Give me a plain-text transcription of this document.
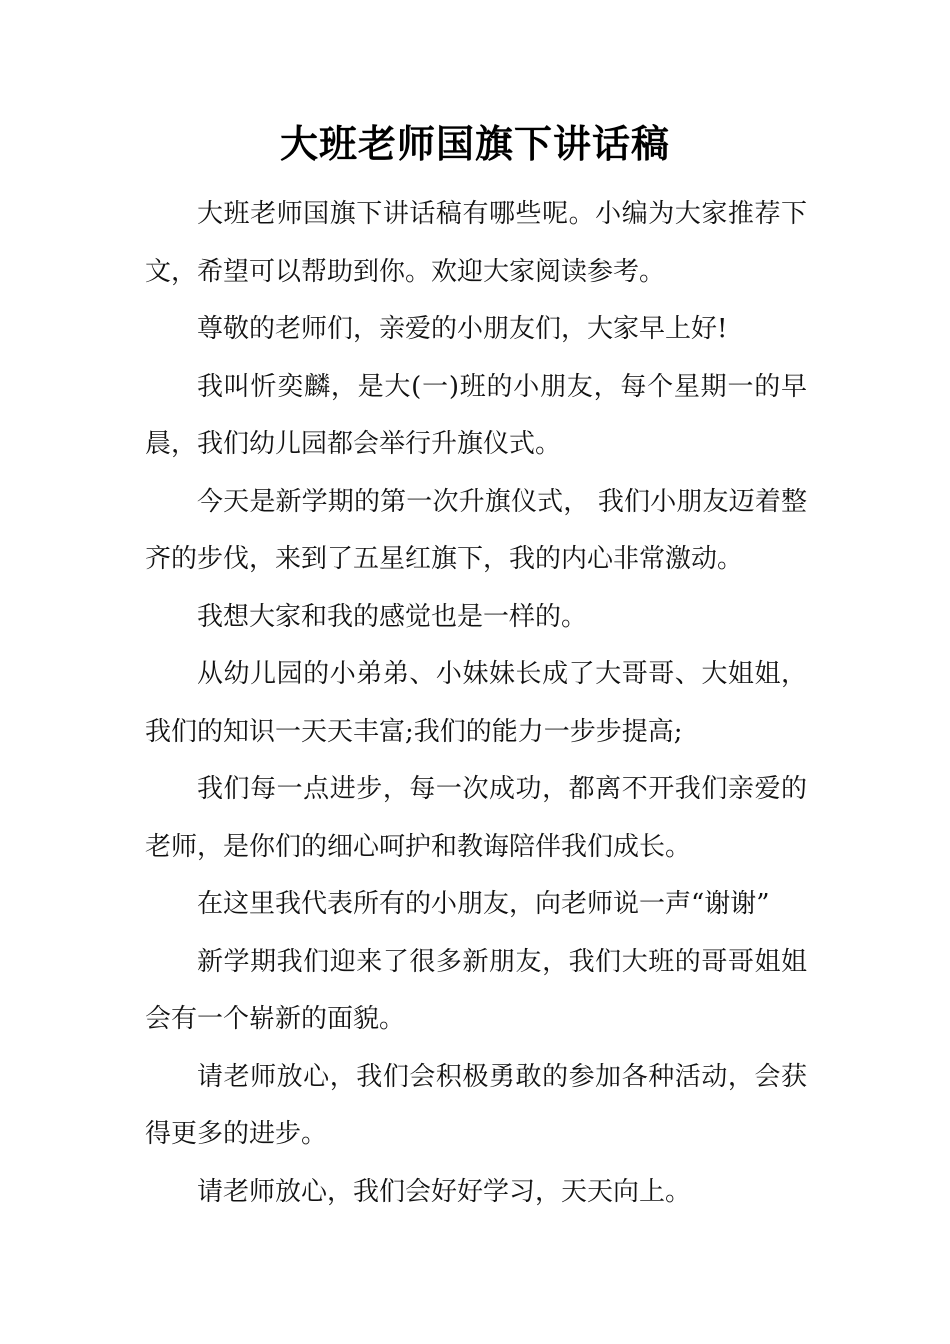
大班老师国旗下讲话稿

大班老师国旗下讲话稿有哪些呢。小编为大家推荐下文，希望可以帮助到你。欢迎大家阅读参考。

尊敬的老师们，亲爱的小朋友们，大家早上好!

我叫忻奕麟，是大(一)班的小朋友，每个星期一的早晨，我们幼儿园都会举行升旗仪式。

今天是新学期的第一次升旗仪式， 我们小朋友迈着整齐的步伐，来到了五星红旗下，我的内心非常激动。

我想大家和我的感觉也是一样的。

从幼儿园的小弟弟、小妹妹长成了大哥哥、大姐姐，我们的知识一天天丰富;我们的能力一步步提高;

我们每一点进步，每一次成功，都离不开我们亲爱的老师，是你们的细心呵护和教诲陪伴我们成长。

在这里我代表所有的小朋友，向老师说一声“谢谢”

新学期我们迎来了很多新朋友，我们大班的哥哥姐姐会有一个崭新的面貌。

请老师放心，我们会积极勇敢的参加各种活动，会获得更多的进步。

请老师放心，我们会好好学习，天天向上。
